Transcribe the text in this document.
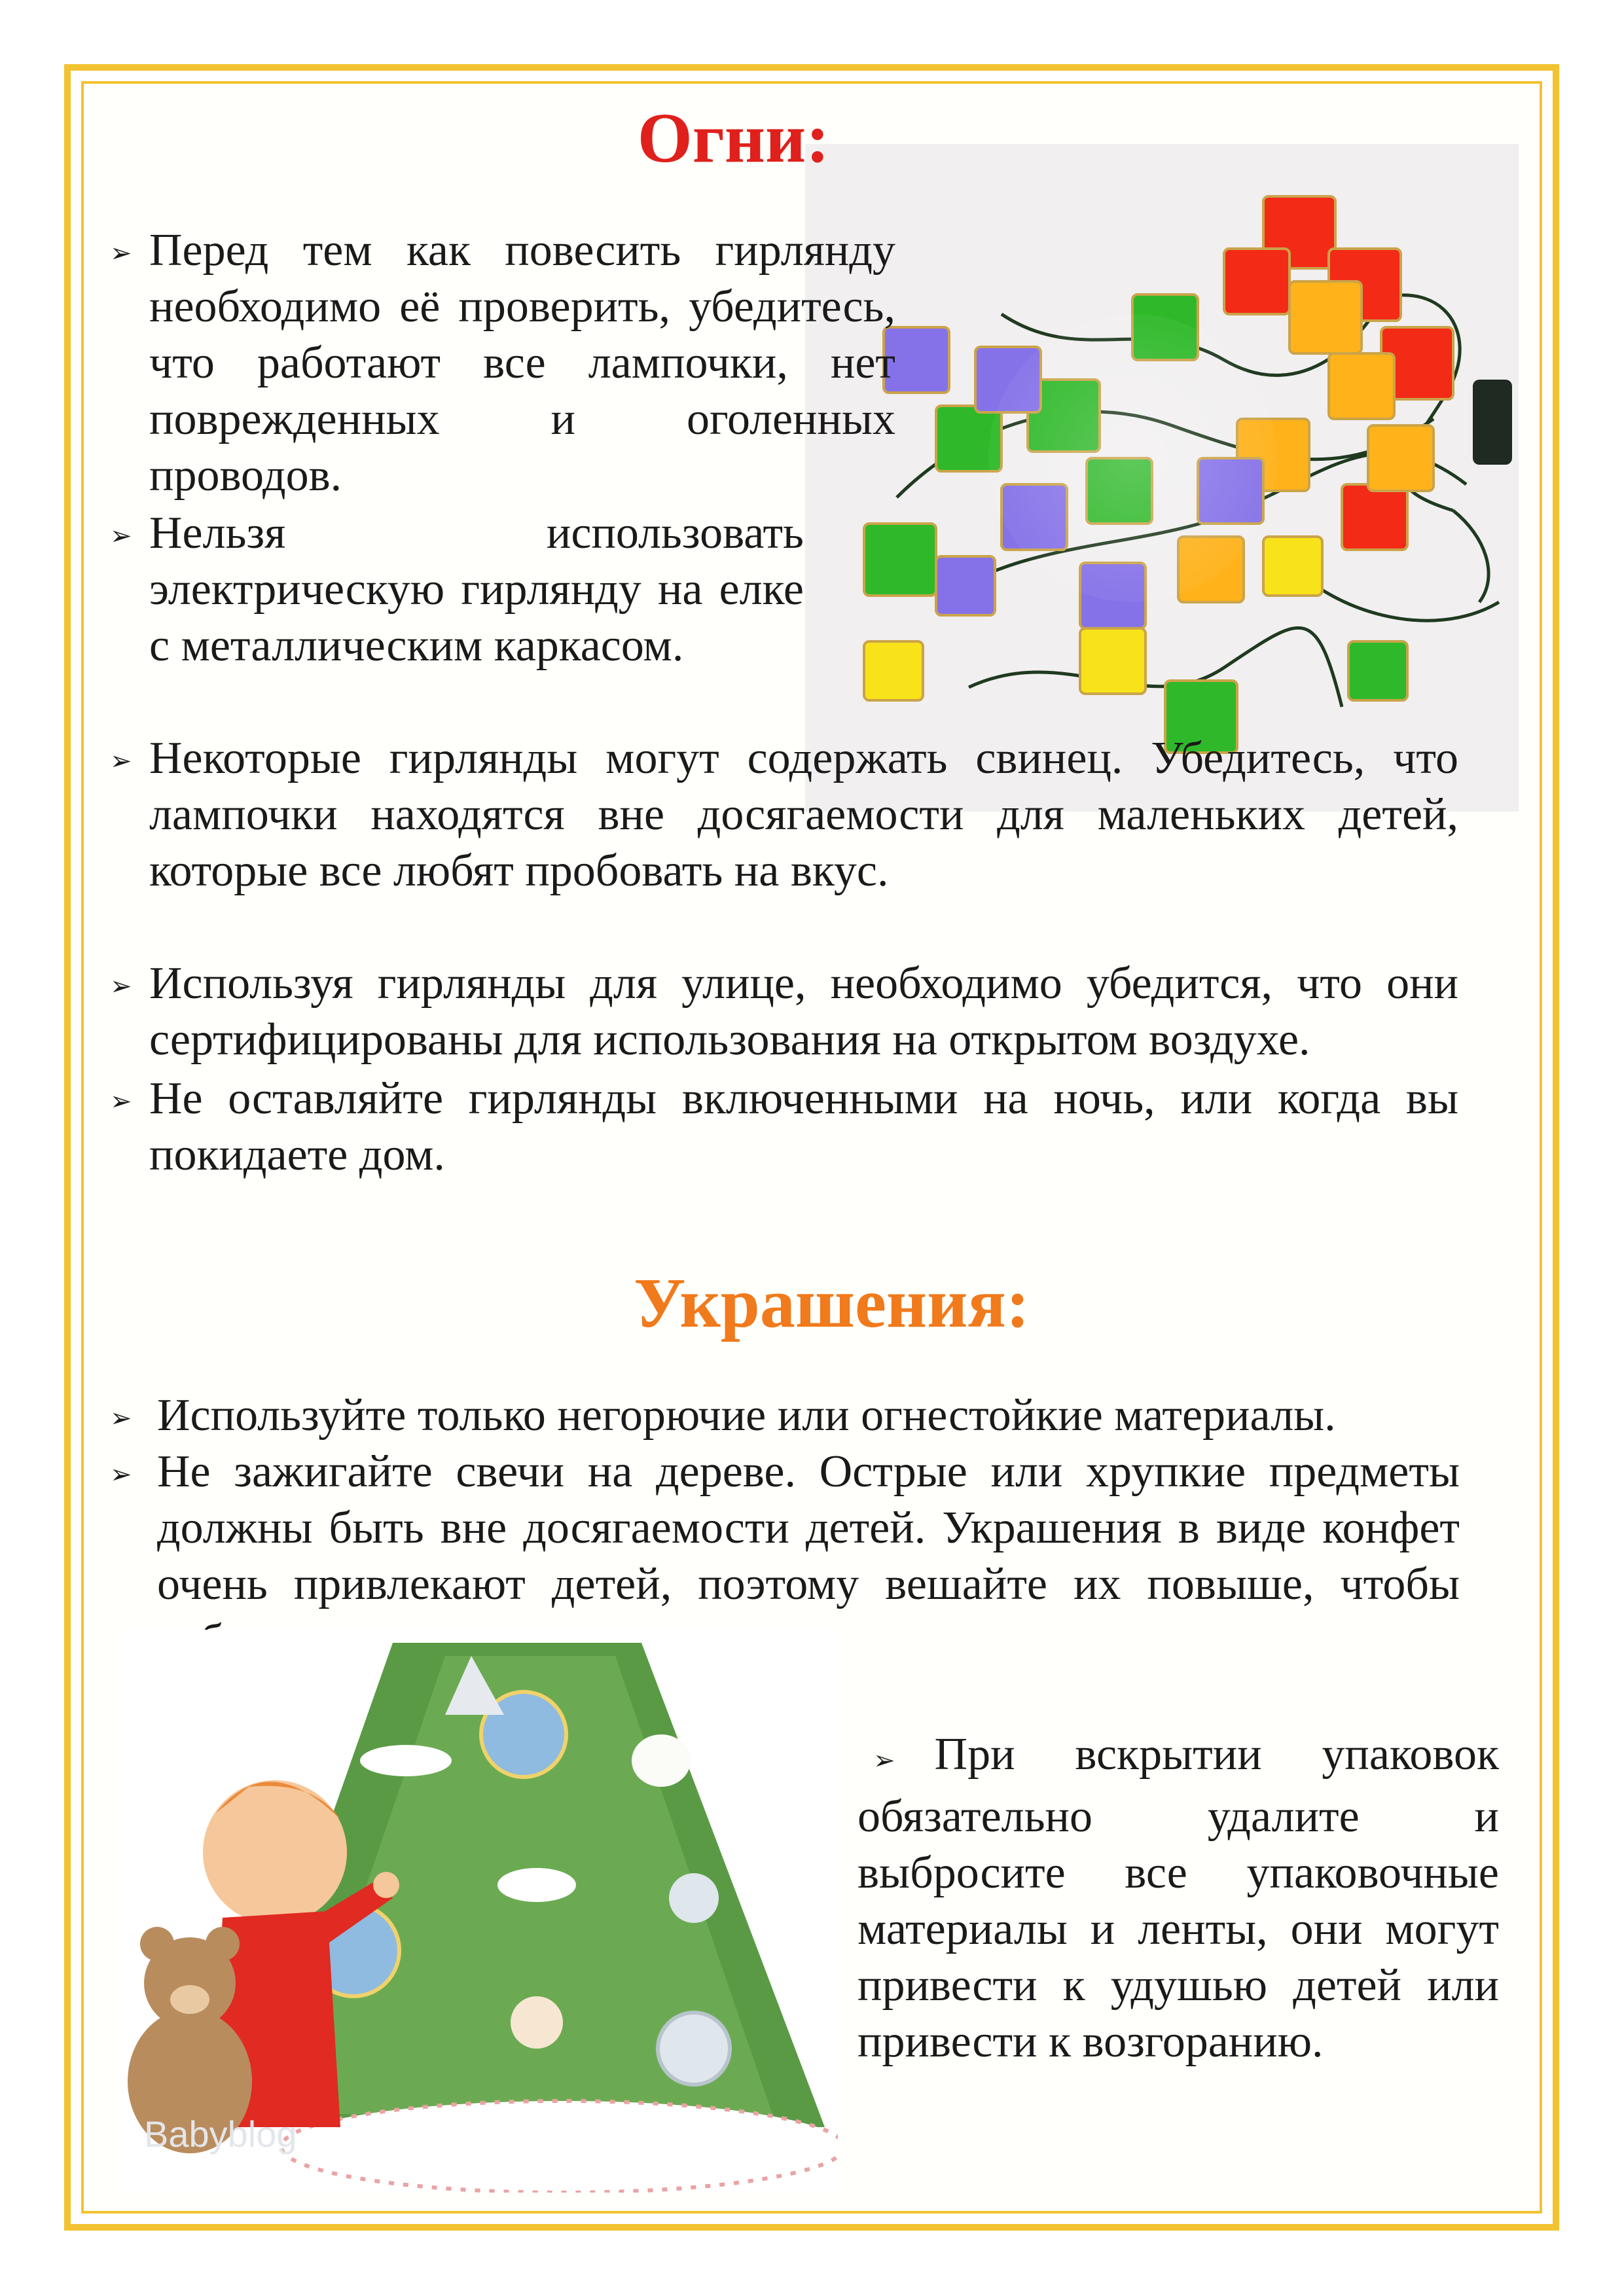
Огни:
➢ Перед тем как повесить гирлянду необходимо её проверить, убедитесь, что работают все лампочки, нет поврежденных и оголенных проводов.
➢ Нельзя использовать электрическую гирлянду на елке с металлическим каркасом.
➢ Некоторые гирлянды могут содержать свинец. Убедитесь, что лампочки находятся вне досягаемости для маленьких детей, которые все любят пробовать на вкус.
➢ Используя гирлянды для улице, необходимо убедится, что они сертифицированы для использования на открытом воздухе.
➢ Не оставляйте гирлянды включенными на ночь, или когда вы покидаете дом.
Украшения:
➢ Используйте только негорючие или огнестойкие материалы.
➢ Не зажигайте свечи на дереве. Острые или хрупкие предметы должны быть вне досягаемости детей. Украшения в виде конфет очень привлекают детей, поэтому вешайте их повыше, чтобы
➢ При вскрытии упаковок обязательно удалите и выбросите все упаковочные материалы и ленты, они могут привести к удушью детей или привести к возгоранию.
Babyblog
